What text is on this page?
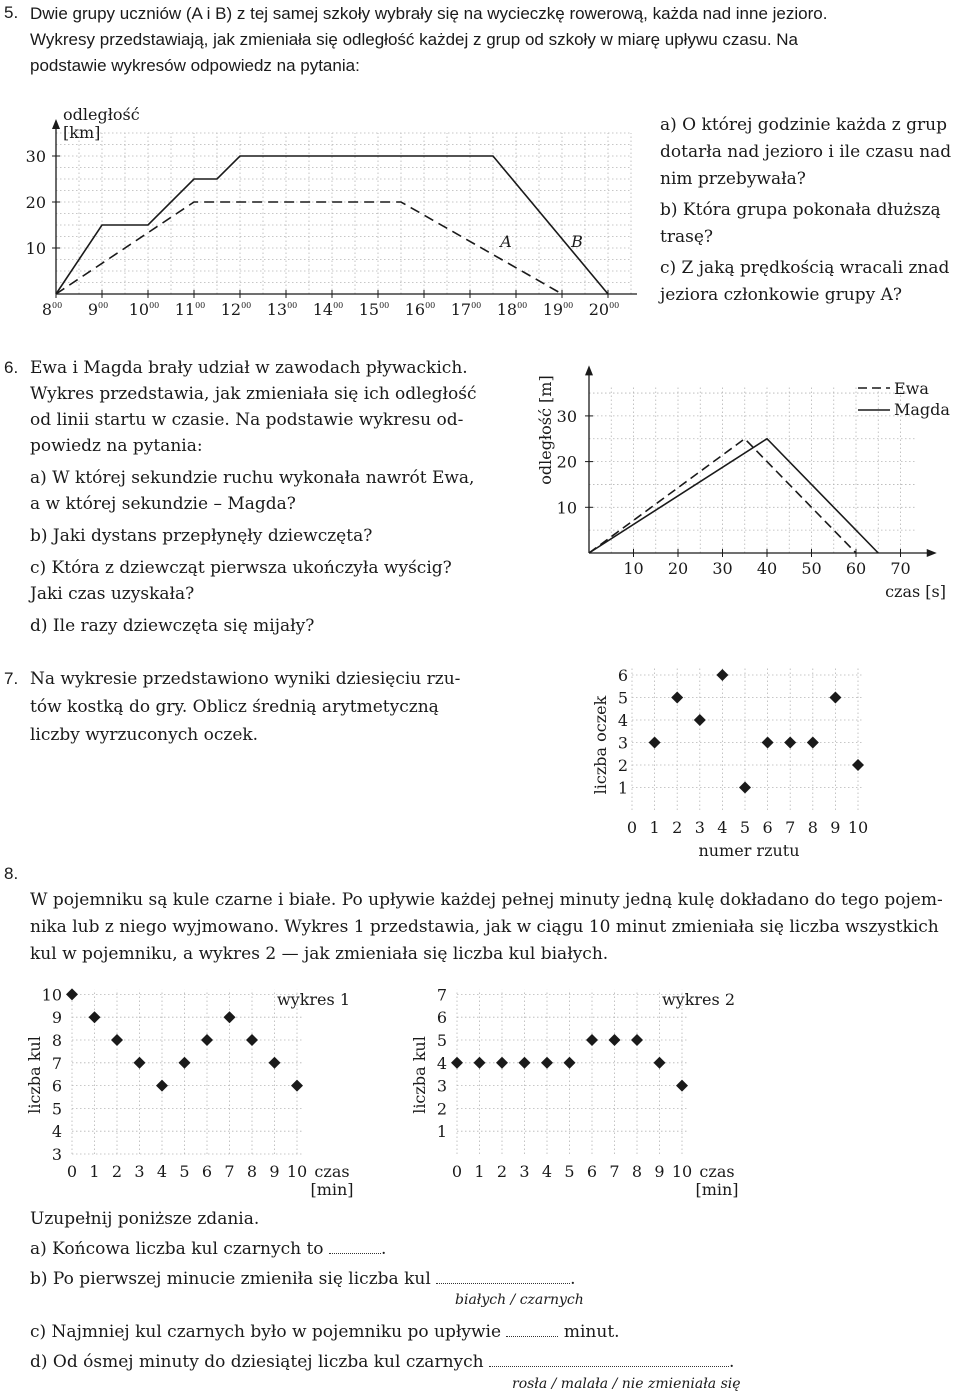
5. Dwie grupy uczniów (A i B) z tej samej szkoły wybrały się na wycieczkę rowerową, każda nad inne jezioro.
Wykresy przedstawiają, jak zmieniała się odległość każdej z grup od szkoły w miarę upływu czasu. Na
podstawie wykresów odpowiedz na pytania:
odległość
[km]
10
20
30
$8^{00}$ $9^{00}$ $10^{00}$ $11^{00}$ $12^{00}$ $13^{00}$ $14^{00}$ $15^{00}$ $16^{00}$ $17^{00}$ $18^{00}$ $19^{00}$ $20^{00}$
A	B
a) O której godzinie każda z grup
dotarła nad jezioro i ile czasu nad
nim przebywała?
b) Która grupa pokonała dłuższą
trasę?
c) Z jaką prędkością wracali znad
jeziora członkowie grupy A?
6. Ewa i Magda brały udział w zawodach pływackich.
Wykres przedstawia, jak zmieniała się ich odległość
od linii startu w czasie. Na podstawie wykresu od-
powiedz na pytania:
a) W której sekundzie ruchu wykonała nawrót Ewa,
a w której sekundzie – Magda?
b) Jaki dystans przepłynęły dziewczęta?
c) Która z dziewcząt pierwsza ukończyła wyścig?
Jaki czas uzyskała?
d) Ile razy dziewczęta się mijały?
odległość [m]
10
20
30
10 20 30 40 50 60 70
czas [s]
Ewa
Magda
7. Na wykresie przedstawiono wyniki dziesięciu rzu-
tów kostką do gry. Oblicz średnią arytmetyczną
liczby wyrzuconych oczek.
1
2
3
4
5
6
0 1 2 3 4 5 6 7 8 9 10
liczba oczek
numer rzutu
8.
W pojemniku są kule czarne i białe. Po upływie każdej pełnej minuty jedną kulę dokładano do tego pojem-
nika lub z niego wyjmowano. Wykres 1 przedstawia, jak w ciągu 10 minut zmieniała się liczba wszystkich
kul w pojemniku, a wykres 2 — jak zmieniała się liczba kul białych.
3
4
5
6
7
8
9
10
0 1 2 3 4 5 6 7 8 9 10 czas
[min]
wykres 1
liczba kul
1
2
3
4
5
6
7
0 1 2 3 4 5 6 7 8 9 10 czas
[min]
wykres 2
liczba kul
Uzupełnij poniższe zdania.
a) Końcowa liczba kul czarnych to	.
b) Po pierwszej minucie zmieniła się liczba kul	.
białych / czarnych
c) Najmniej kul czarnych było w pojemniku po upływie	minut.
d) Od ósmej minuty do dziesiątej liczba kul czarnych	.
rosła / malała / nie zmieniała się
